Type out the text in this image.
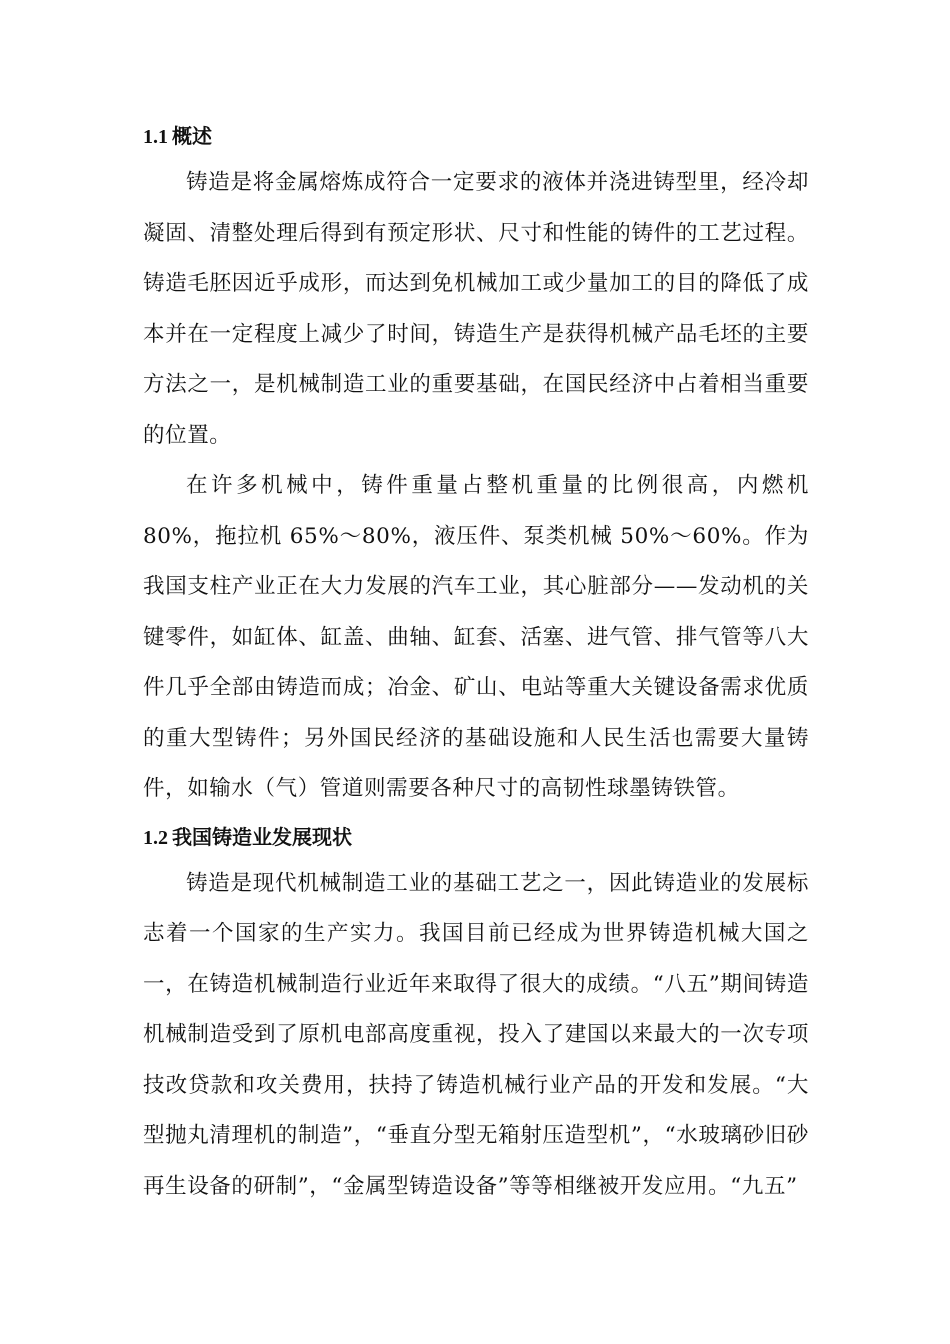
1.1 概述

铸造是将金属熔炼成符合一定要求的液体并浇进铸型里，经冷却凝固、清整处理后得到有预定形状、尺寸和性能的铸件的工艺过程。铸造毛胚因近乎成形，而达到免机械加工或少量加工的目的降低了成本并在一定程度上减少了时间，铸造生产是获得机械产品毛坯的主要方法之一，是机械制造工业的重要基础，在国民经济中占着相当重要的位置。

在许多机械中，铸件重量占整机重量的比例很高，内燃机 80%，拖拉机 65%～80%，液压件、泵类机械 50%～60%。作为我国支柱产业正在大力发展的汽车工业，其心脏部分——发动机的关键零件，如缸体、缸盖、曲轴、缸套、活塞、进气管、排气管等八大件几乎全部由铸造而成；冶金、矿山、电站等重大关键设备需求优质的重大型铸件；另外国民经济的基础设施和人民生活也需要大量铸件，如输水（气）管道则需要各种尺寸的高韧性球墨铸铁管。

1.2 我国铸造业发展现状

铸造是现代机械制造工业的基础工艺之一，因此铸造业的发展标志着一个国家的生产实力。我国目前已经成为世界铸造机械大国之一，在铸造机械制造行业近年来取得了很大的成绩。“八五”期间铸造机械制造受到了原机电部高度重视，投入了建国以来最大的一次专项技改贷款和攻关费用，扶持了铸造机械行业产品的开发和发展。“大型抛丸清理机的制造”，“垂直分型无箱射压造型机”，“水玻璃砂旧砂再生设备的研制”，“金属型铸造设备”等等相继被开发应用。“九五”
